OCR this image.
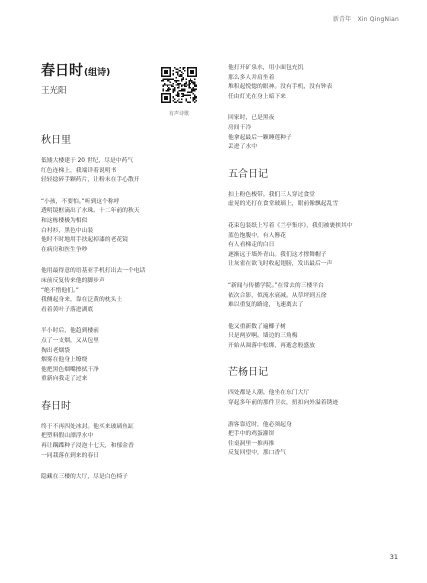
新青年 Xin QingNian
春日时(组诗)
王光阳
有声诗歌
秋日里
低矮大楼建于 20 世纪，尽是中药气
红色连梯上，我端详着说明书
轻轻捻碎手颗药片，让粉末在手心散开
“小孩，不要怕。”听到这个称呼
透明镜框滴出了水珠。十二年前的秋天
和这栋楼极为相似
白衬衫，黑色中山装
他时不时地用手扶起掉漆的老花镜
在病房和医生争吵
他用最得意的语基亚手机打出去一个电话
床前反复传来他的脚步声
“绝不惜他们。”
我侧起身来，靠在泛黄的枕头上
看着黄叶子落进湖底
半小时后，他趋到楼前
点了一支烟，又从包里
掏出老烟袋
烟雾在他身上缭绕
他把黑色烟嘴擦拭干净
重新向我走了过来
春日时
终于不再四处冰封。他买来玻璃鱼缸
把塑料假山漂浮水中
再让蹒蹀种子浸泡十七天，和郁金香
一同栽落在到来的春日
隐藏在三楼的大厅，尽是白色椅子
他打开矿泉水，用小面包充饥
那么多人并肩坐着
堆积起悦惚的眼神。没有手机，没有钟表
任由灯光在身上暗下来
回家时，已是黑夜
房间干冷
他拿起最后一颗睡莲种子
丢进了水中
五合日记
扣上粉色梭带。我们三人穿过食堂
虚晃的光打在食堂玻璃上，眼前像飘起乱雪
花束包装纸上写着《兰亭集序》，我们被裹挟其中
蓝色饱腹中，有人簪花
有人看梯走的白日
逐渐远于墙外青山。我们这才撑舞帽子
让灰雀在欲飞时收起翅膀，发出最后一声
“新闻与传播学院。”在常去的三楼平台
依次合影，似流水衰减。从草坪到五徐
难以重复的路途，飞速离去了
他又重新数了遍椰子树
只是两岁啊。墙边的三角梅
开始从凋落中松绑，再逝念般盛放
芒杨日记
四处都是人潮。他坐在东门大厅
穿起多年前的那件卫衣，扭扣向外溢着锈迹
游客靠近时，他必须起身
把手中的鸡蛋灌饼
往桌洞里一推再推
反复回望中，那口香气
31
